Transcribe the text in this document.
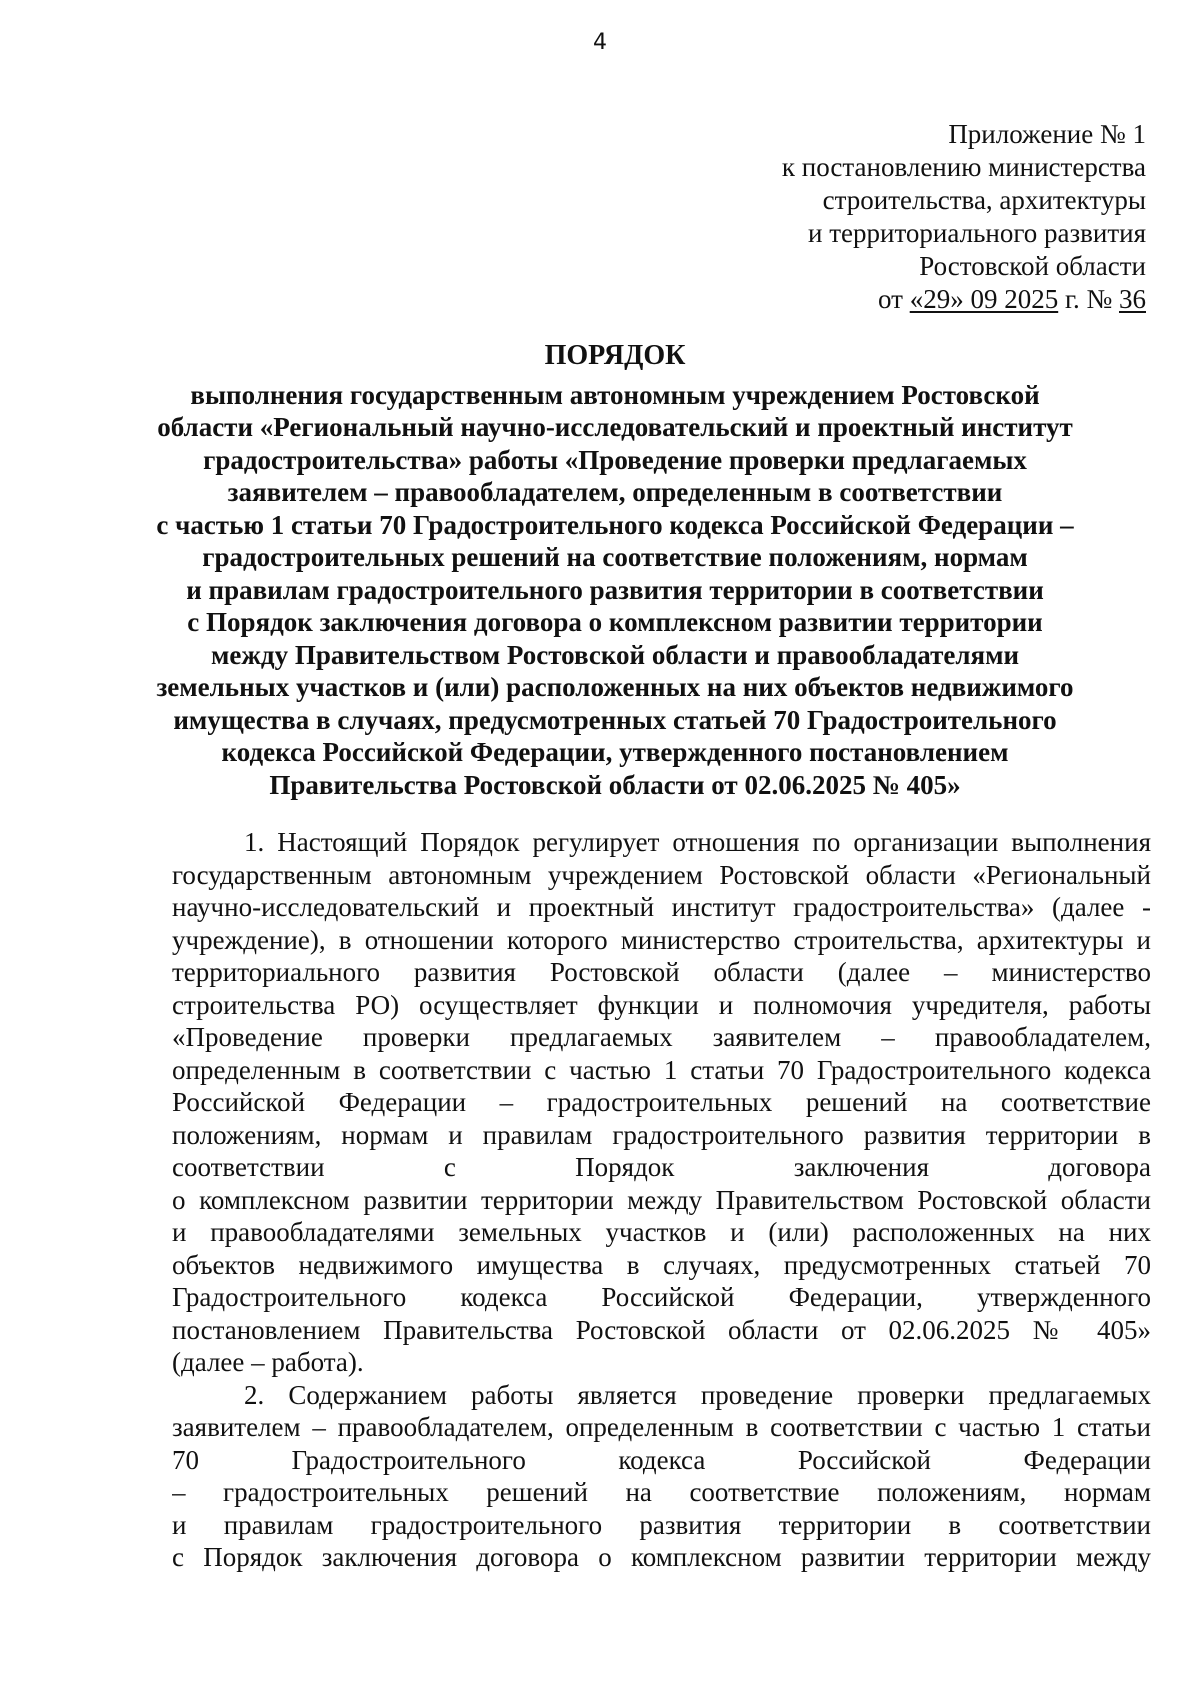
4
Приложение № 1
к постановлению министерства
строительства, архитектуры
и территориального развития
Ростовской области
от «29» 09 2025 г. № 36
ПОРЯДОК
выполнения государственным автономным учреждением Ростовской
области «Региональный научно-исследовательский и проектный институт
градостроительства» работы «Проведение проверки предлагаемых
заявителем – правообладателем, определенным в соответствии
с частью 1 статьи 70 Градостроительного кодекса Российской Федерации –
градостроительных решений на соответствие положениям, нормам
и правилам градостроительного развития территории в соответствии
с Порядок заключения договора о комплексном развитии территории
между Правительством Ростовской области и правообладателями
земельных участков и (или) расположенных на них объектов недвижимого
имущества в случаях, предусмотренных статьей 70 Градостроительного
кодекса Российской Федерации, утвержденного постановлением
Правительства Ростовской области от 02.06.2025 № 405»
1. Настоящий Порядок регулирует отношения по организации выполнения
государственным автономным учреждением Ростовской области «Региональный
научно-исследовательский и проектный институт градостроительства» (далее -
учреждение), в отношении которого министерство строительства, архитектуры и
территориального развития Ростовской области (далее – министерство
строительства РО) осуществляет функции и полномочия учредителя, работы
«Проведение проверки предлагаемых заявителем – правообладателем,
определенным в соответствии с частью 1 статьи 70 Градостроительного кодекса
Российской Федерации – градостроительных решений на соответствие
положениям, нормам и правилам градостроительного развития территории в
соответствии с Порядок заключения договора
о комплексном развитии территории между Правительством Ростовской области
и правообладателями земельных участков и (или) расположенных на них
объектов недвижимого имущества в случаях, предусмотренных статьей 70
Градостроительного кодекса Российской Федерации, утвержденного
постановлением Правительства Ростовской области от 02.06.2025 № 405»
(далее – работа).
2. Содержанием работы является проведение проверки предлагаемых
заявителем – правообладателем, определенным в соответствии с частью 1 статьи
70 Градостроительного кодекса Российской Федерации
– градостроительных решений на соответствие положениям, нормам
и правилам градостроительного развития территории в соответствии
с Порядок заключения договора о комплексном развитии территории между
